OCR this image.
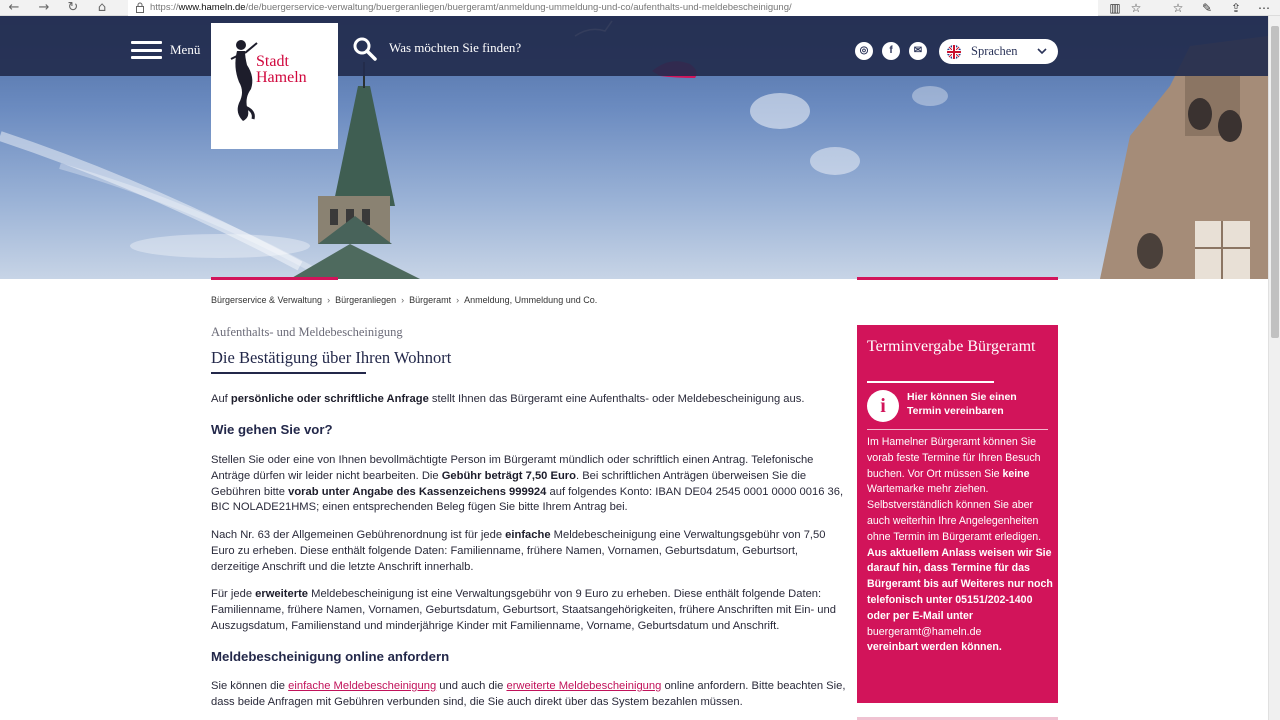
←	→	↻	⌂	https://www.hameln.de/de/buergerservice-verwaltung/buergeranliegen/buergeramt/anmeldung-ummeldung-und-co/aufenthalts-und-meldebescheinigung/	▥ ☆	☆	✎	⇪	⋯
Menü
Stadt
Hameln
Was möchten Sie finden?	◎	f	✉	Sprachen
Bürgerservice & Verwaltung › Bürgeranliegen › Bürgeramt › Anmeldung, Ummeldung und Co.
Aufenthalts- und Meldebescheinigung
Die Bestätigung über Ihren Wohnort

Auf persönliche oder schriftliche Anfrage stellt Ihnen das Bürgeramt eine Aufenthalts- oder Meldebescheinigung aus.

Wie gehen Sie vor?

Stellen Sie oder eine von Ihnen bevollmächtigte Person im Bürgeramt mündlich oder schriftlich einen Antrag. Telefonische Anträge dürfen wir leider nicht bearbeiten. Die Gebühr beträgt 7,50 Euro. Bei schriftlichen Anträgen überweisen Sie die Gebühren bitte vorab unter Angabe des Kassenzeichens 999924 auf folgendes Konto: IBAN DE04 2545 0001 0000 0016 36, BIC NOLADE21HMS; einen entsprechenden Beleg fügen Sie bitte Ihrem Antrag bei.

Nach Nr. 63 der Allgemeinen Gebührenordnung ist für jede einfache Meldebescheinigung eine Verwaltungsgebühr von 7,50 Euro zu erheben. Diese enthält folgende Daten: Familienname, frühere Namen, Vornamen, Geburtsdatum, Geburtsort, derzeitige Anschrift und die letzte Anschrift innerhalb.

Für jede erweiterte Meldebescheinigung ist eine Verwaltungsgebühr von 9 Euro zu erheben. Diese enthält folgende Daten: Familienname, frühere Namen, Vornamen, Geburtsdatum, Geburtsort, Staatsangehörigkeiten, frühere Anschriften mit Ein- und Auszugsdatum, Familienstand und minderjährige Kinder mit Familienname, Vorname, Geburtsdatum und Anschrift.

Meldebescheinigung online anfordern

Sie können die einfache Meldebescheinigung und auch die erweiterte Meldebescheinigung online anfordern. Bitte beachten Sie, dass beide Anfragen mit Gebühren verbunden sind, die Sie auch direkt über das System bezahlen müssen.

Terminvergabe Bürgeramt
i	Hier können Sie einen Termin vereinbaren
Im Hamelner Bürgeramt können Sie vorab feste Termine für Ihren Besuch buchen. Vor Ort müssen Sie keine Wartemarke mehr ziehen. Selbstverständlich können Sie aber auch weiterhin Ihre Angelegenheiten ohne Termin im Bürgeramt erledigen.
Aus aktuellem Anlass weisen wir Sie darauf hin, dass Termine für das Bürgeramt bis auf Weiteres nur noch telefonisch unter 05151/202-1400 oder per E-Mail unter
buergeramt@hameln.de
vereinbart werden können.
